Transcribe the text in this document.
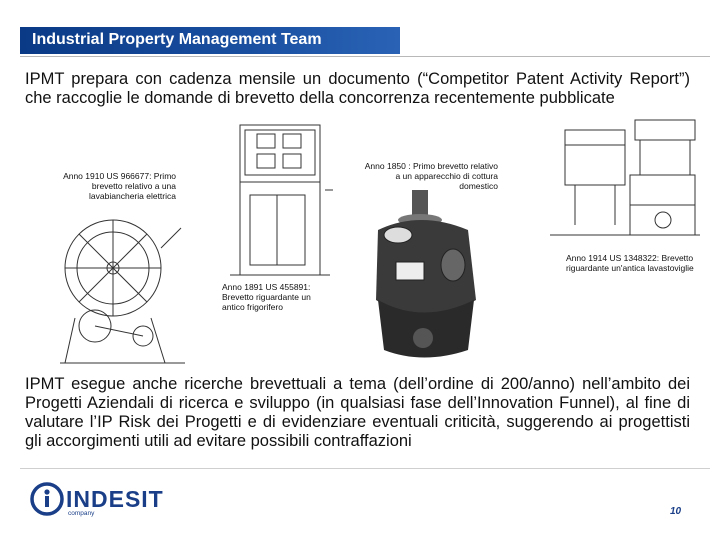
Industrial Property Management Team
IPMT prepara con cadenza mensile un documento (“Competitor Patent Activity Report”) che raccoglie le domande di brevetto della concorrenza recentemente pubblicate
Anno 1910 US 966677: Primo brevetto relativo a una lavabiancheria elettrica
Anno 1891 US 455891: Brevetto riguardante un antico frigorifero
Anno 1850 : Primo brevetto relativo a un apparecchio di cottura domestico
Anno 1914 US 1348322: Brevetto riguardante un'antica lavastoviglie
IPMT esegue anche ricerche brevettuali a tema (dell’ordine di 200/anno) nell’ambito dei Progetti Aziendali di ricerca e sviluppo (in qualsiasi fase dell’Innovation Funnel), al fine di valutare l’IP Risk dei Progetti e di evidenziare eventuali criticità, suggerendo ai progettisti gli accorgimenti utili ad evitare possibili contraffazioni
INDESIT
company	10
